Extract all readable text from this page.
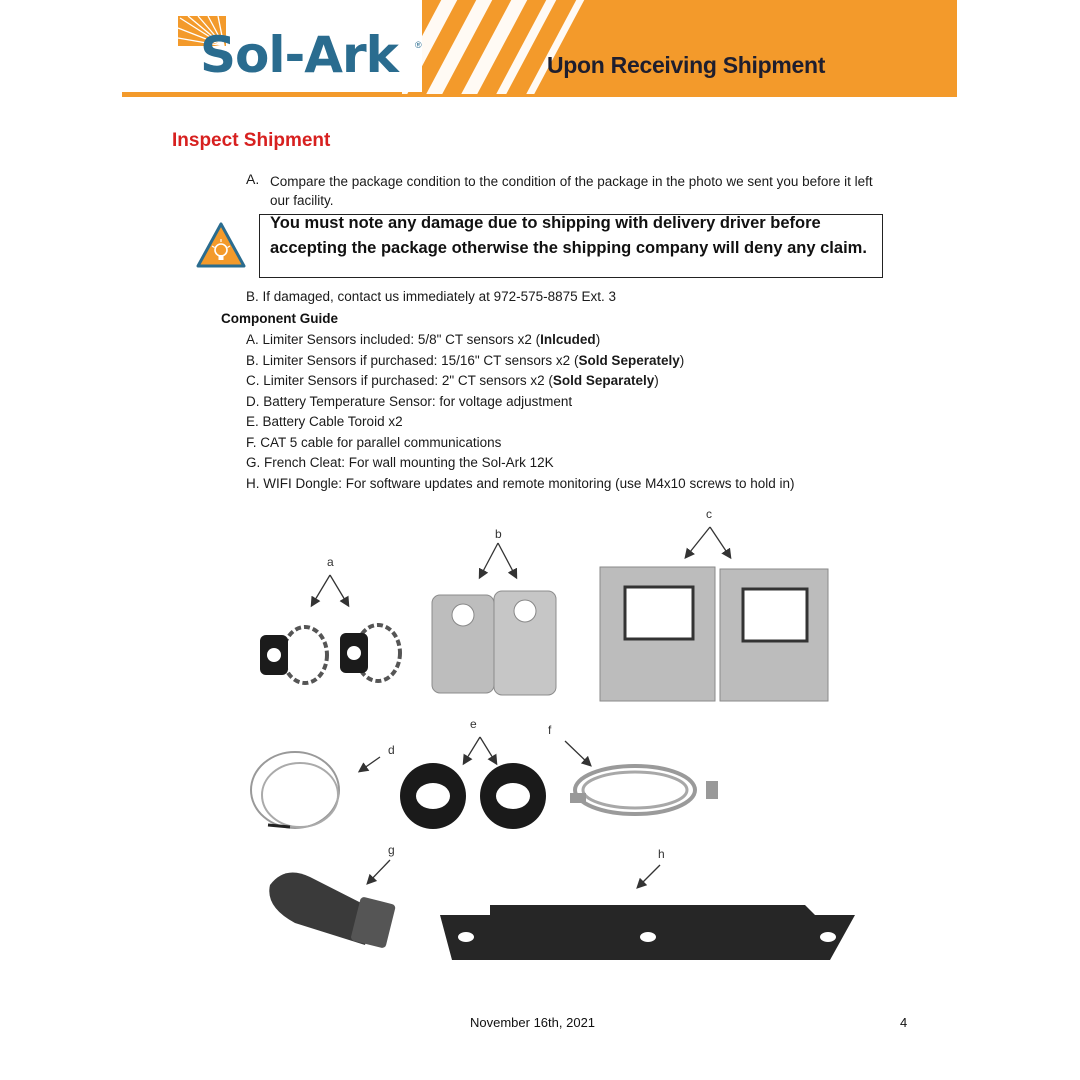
Upon Receiving Shipment
Sol-Ark ®
Inspect Shipment
A. Compare the package condition to the condition of the package in the photo we sent you before it left our facility.
You must note any damage due to shipping with delivery driver before accepting the package otherwise the shipping company will deny any claim.
B. If damaged, contact us immediately at 972-575-8875 Ext. 3
Component Guide
A. Limiter Sensors included: 5/8" CT sensors x2 (Inlcuded)
B. Limiter Sensors if purchased: 15/16" CT sensors x2 (Sold Seperately)
C. Limiter Sensors if purchased: 2" CT sensors x2 (Sold Separately)
D. Battery Temperature Sensor: for voltage adjustment
E. Battery Cable Toroid x2
F. CAT 5 cable for parallel communications
G. French Cleat: For wall mounting the Sol-Ark 12K
H. WIFI Dongle: For software updates and remote monitoring (use M4x10 screws to hold in)
a
b
c
d
e	f
g	h
November 16th, 2021	4
